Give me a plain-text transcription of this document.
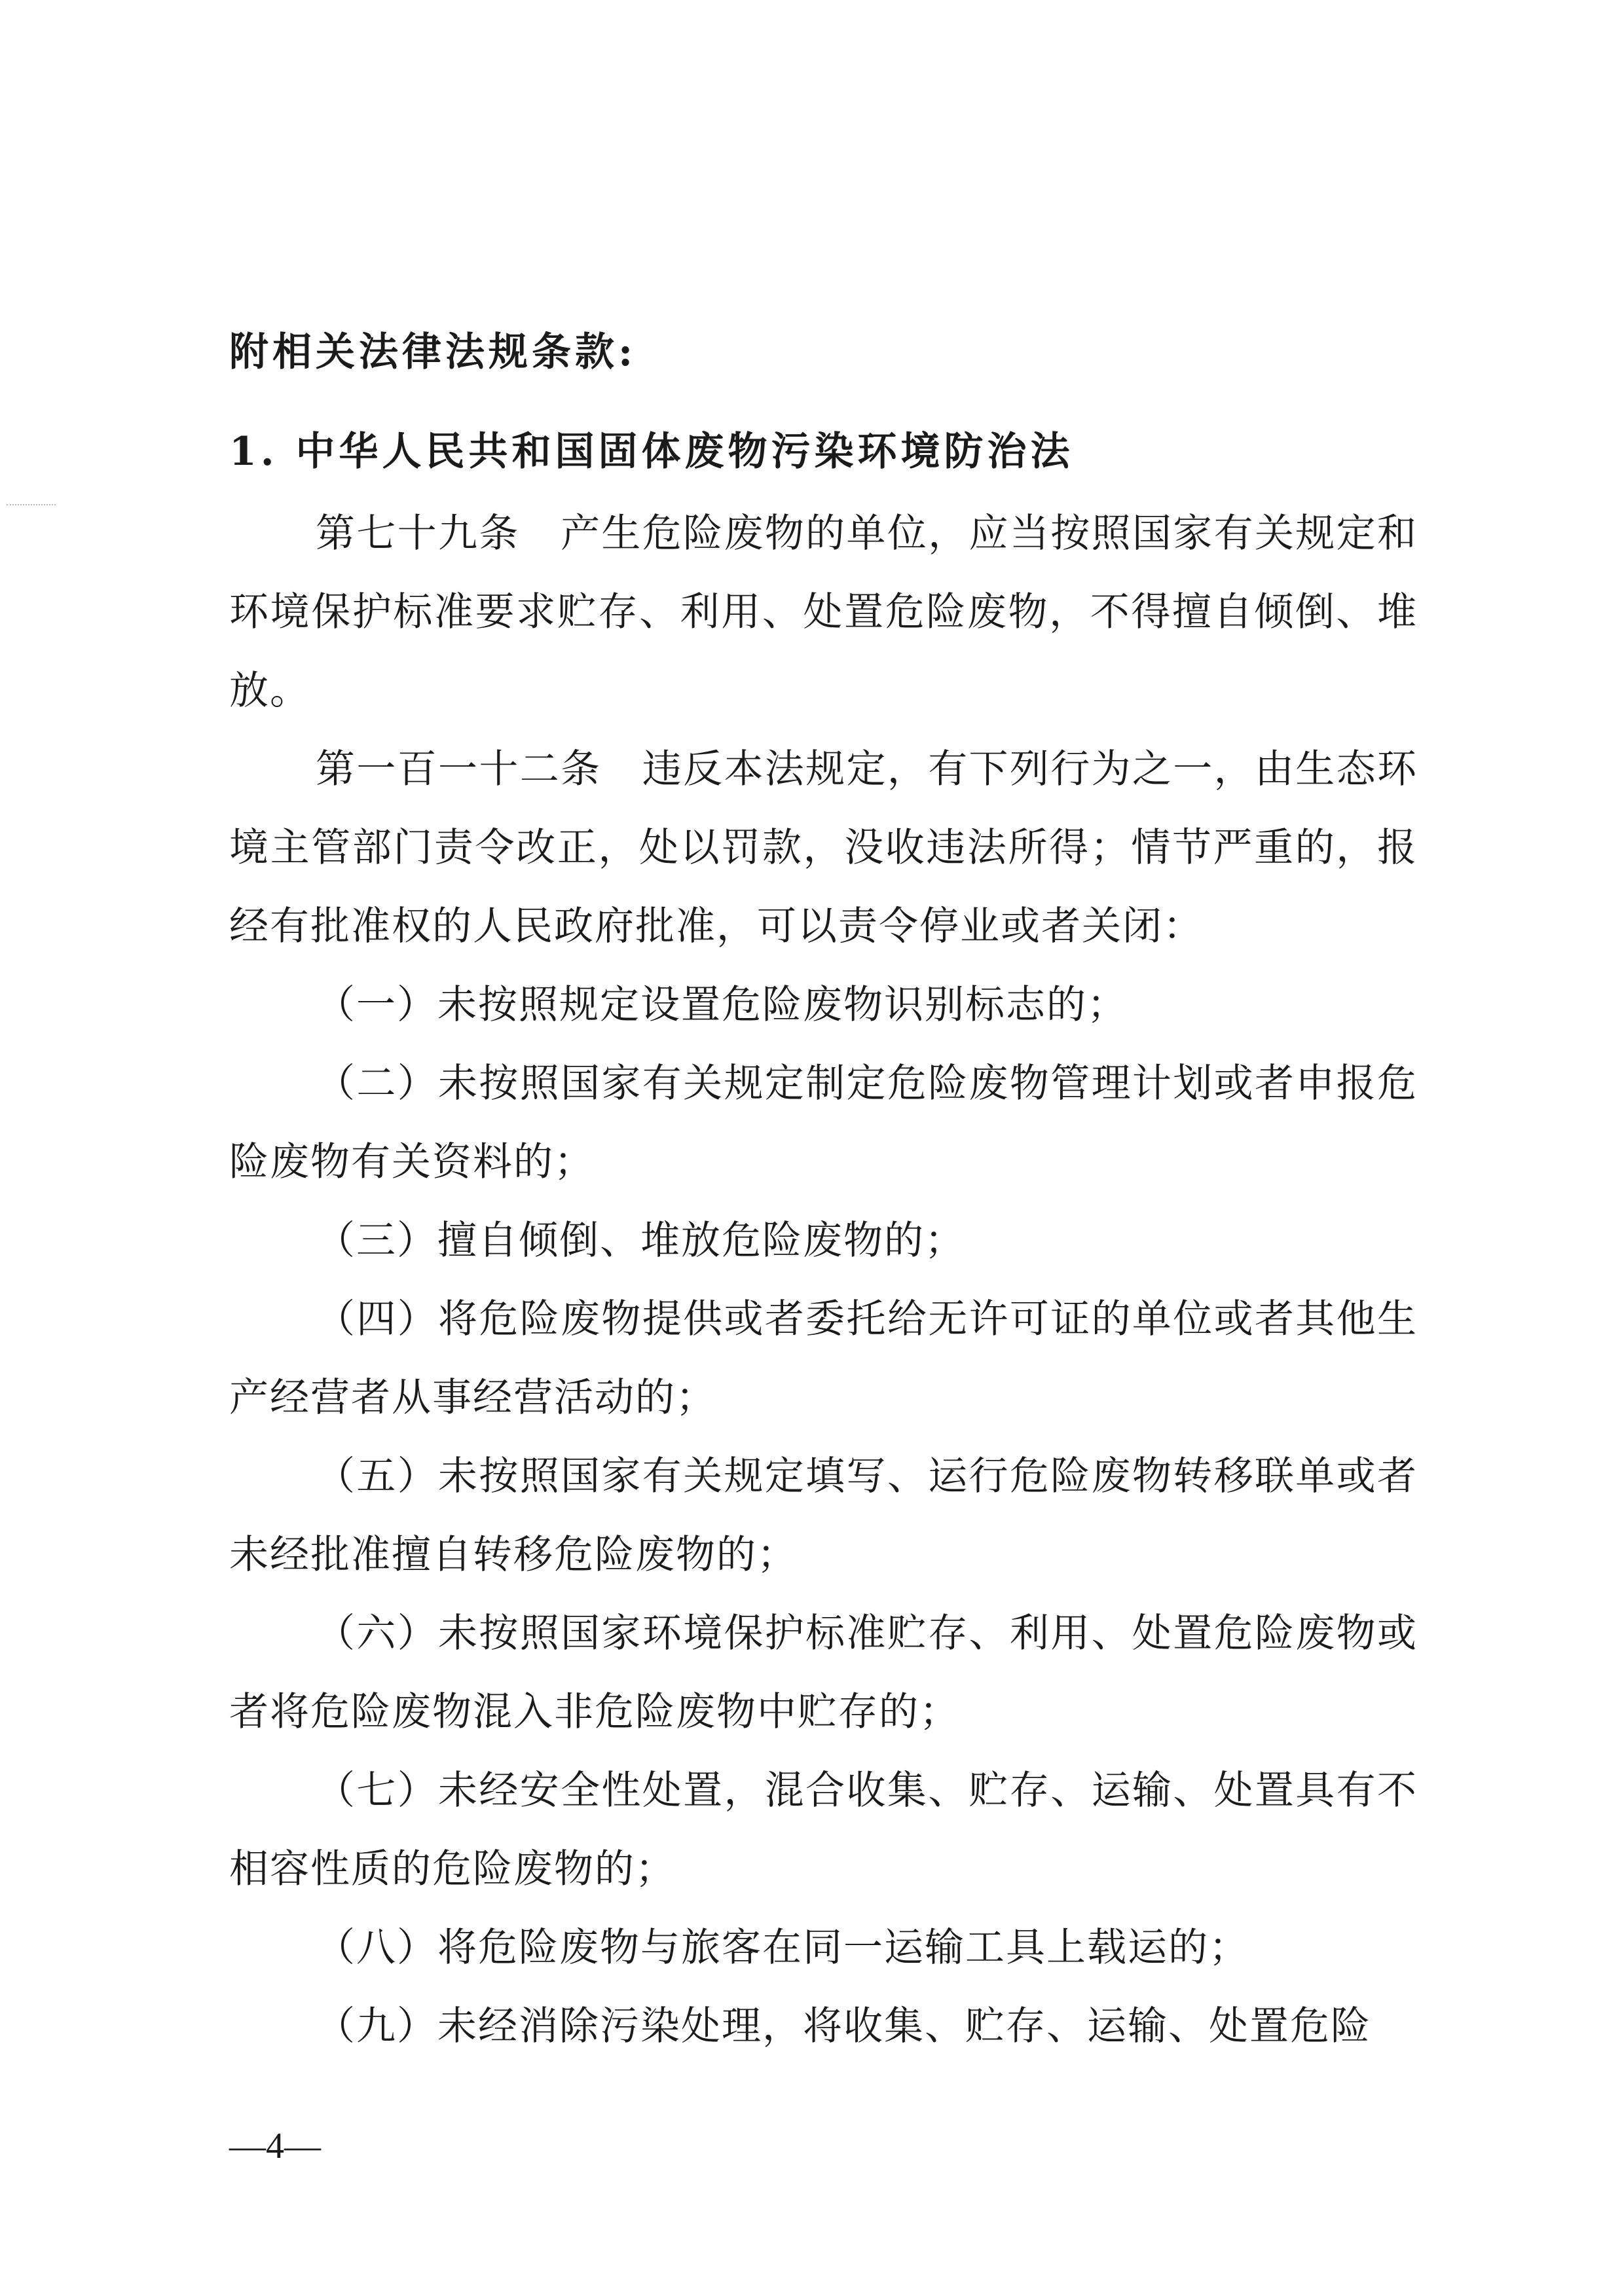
附相关法律法规条款:
1. 中华人民共和国固体废物污染环境防治法

第七十九条　产生危险废物的单位，应当按照国家有关规定和环境保护标准要求贮存、利用、处置危险废物，不得擅自倾倒、堆放。

第一百一十二条　违反本法规定，有下列行为之一，由生态环境主管部门责令改正，处以罚款，没收违法所得；情节严重的，报经有批准权的人民政府批准，可以责令停业或者关闭：

（一）未按照规定设置危险废物识别标志的；

（二）未按照国家有关规定制定危险废物管理计划或者申报危险废物有关资料的；

（三）擅自倾倒、堆放危险废物的；

（四）将危险废物提供或者委托给无许可证的单位或者其他生产经营者从事经营活动的；

（五）未按照国家有关规定填写、运行危险废物转移联单或者未经批准擅自转移危险废物的；

（六）未按照国家环境保护标准贮存、利用、处置危险废物或者将危险废物混入非危险废物中贮存的；

（七）未经安全性处置，混合收集、贮存、运输、处置具有不相容性质的危险废物的；

（八）将危险废物与旅客在同一运输工具上载运的；

（九）未经消除污染处理，将收集、贮存、运输、处置危险

—4—
